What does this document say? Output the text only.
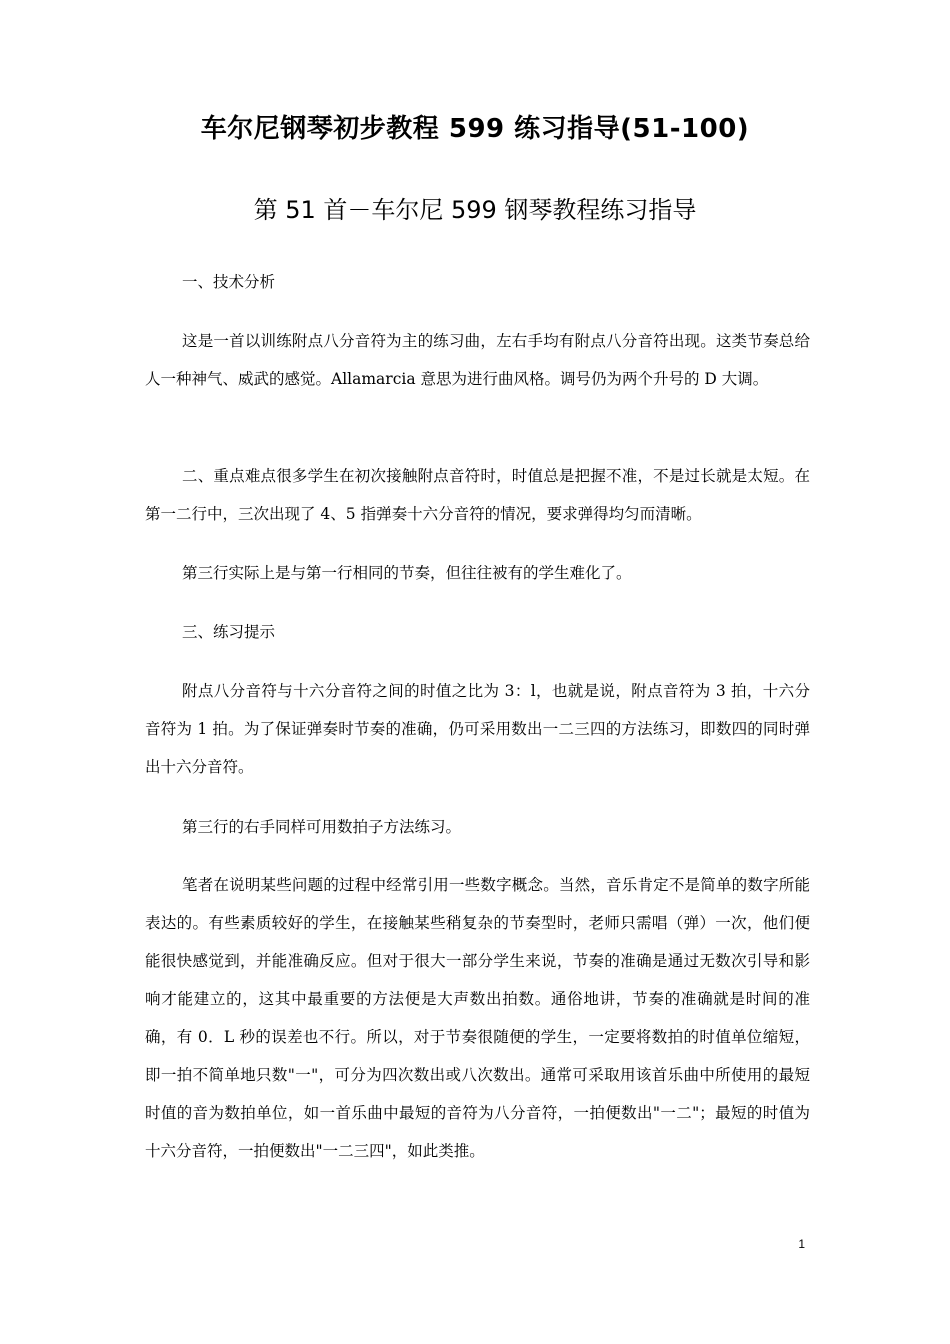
车尔尼钢琴初步教程 599 练习指导(51-100)
第 51 首－车尔尼 599 钢琴教程练习指导

一、技术分析

这是一首以训练附点八分音符为主的练习曲，左右手均有附点八分音符出现。这类节奏总给人一种神气、威武的感觉。Allamarcia 意思为进行曲风格。调号仍为两个升号的 D 大调。

二、重点难点很多学生在初次接触附点音符时，时值总是把握不准，不是过长就是太短。在第一二行中，三次出现了 4、5 指弹奏十六分音符的情况，要求弹得均匀而清晰。

第三行实际上是与第一行相同的节奏，但往往被有的学生难化了。

三、练习提示

附点八分音符与十六分音符之间的时值之比为 3：l，也就是说，附点音符为 3 拍，十六分音符为 1 拍。为了保证弹奏时节奏的准确，仍可采用数出一二三四的方法练习，即数四的同时弹出十六分音符。

第三行的右手同样可用数拍子方法练习。

笔者在说明某些问题的过程中经常引用一些数字概念。当然，音乐肯定不是简单的数字所能表达的。有些素质较好的学生，在接触某些稍复杂的节奏型时，老师只需唱（弹）一次，他们便能很快感觉到，并能准确反应。但对于很大一部分学生来说，节奏的准确是通过无数次引导和影响才能建立的，这其中最重要的方法便是大声数出拍数。通俗地讲，节奏的准确就是时间的准确，有 0．L 秒的误差也不行。所以，对于节奏很随便的学生，一定要将数拍的时值单位缩短，即一拍不简单地只数"一"，可分为四次数出或八次数出。通常可采取用该首乐曲中所使用的最短时值的音为数拍单位，如一首乐曲中最短的音符为八分音符，一拍便数出"一二"；最短的时值为十六分音符，一拍便数出"一二三四"，如此类推。

1
